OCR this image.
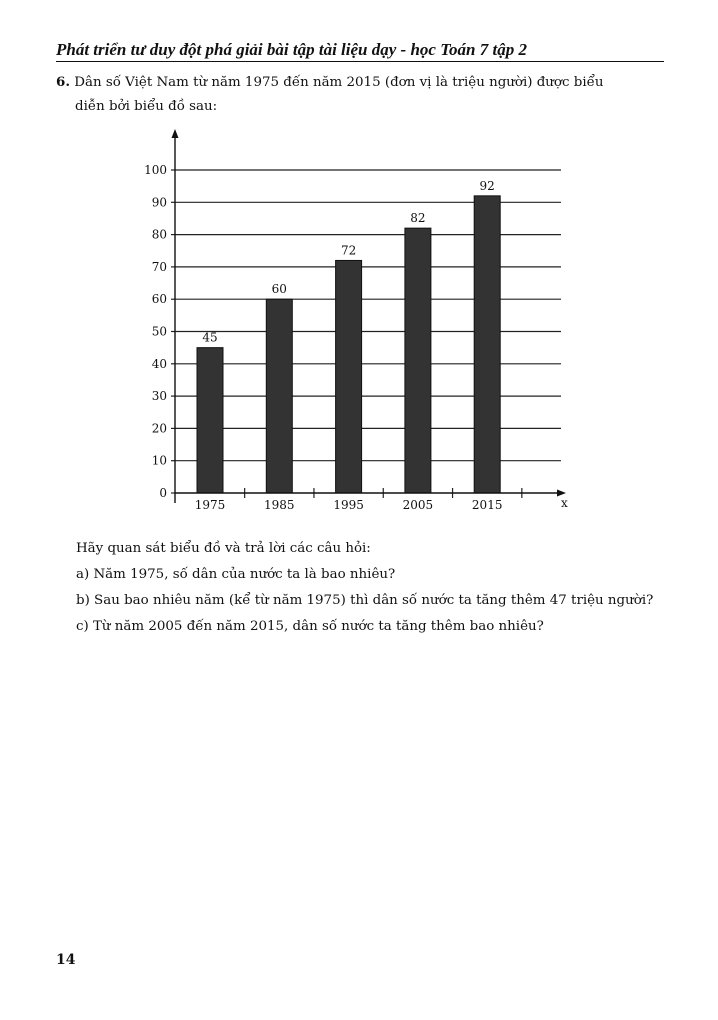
Phát triển tư duy đột phá giải bài tập tài liệu dạy - học Toán 7 tập 2
6. Dân số Việt Nam từ năm 1975 đến năm 2015 (đơn vị là triệu người) được biểu
diễn bởi biểu đồ sau:
0
10
20
30
40
50
60
70
80
90
100
45
1975
60
1985
72
1995
82
2005
92
2015	x
Hãy quan sát biểu đồ và trả lời các câu hỏi:
a) Năm 1975, số dân của nước ta là bao nhiêu?
b) Sau bao nhiêu năm (kể từ năm 1975) thì dân số nước ta tăng thêm 47 triệu người?
c) Từ năm 2005 đến năm 2015, dân số nước ta tăng thêm bao nhiêu?
14
